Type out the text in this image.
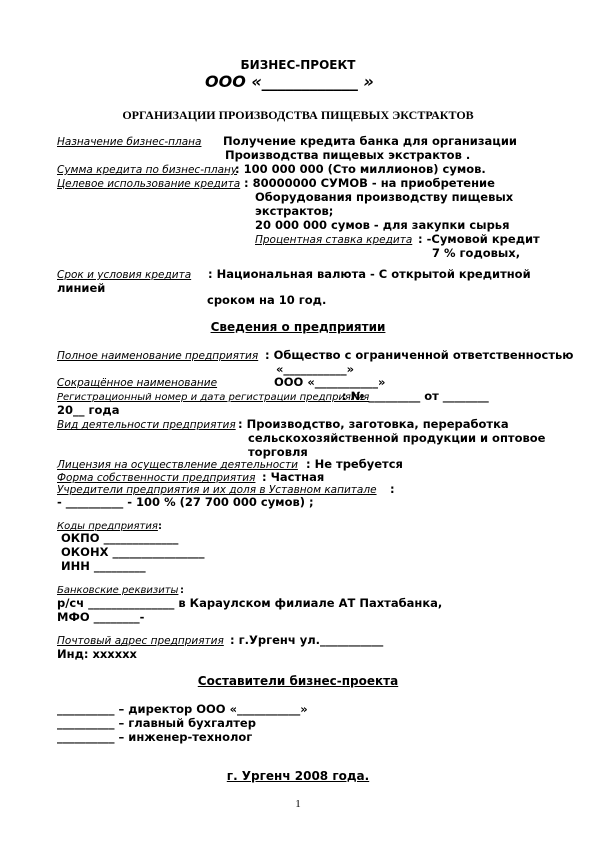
БИЗНЕС-ПРОЕКТ
ООО «____________ »
ОРГАНИЗАЦИИ ПРОИЗВОДСТВА ПИЩЕВЫХ ЭКСТРАКТОВ
Назначение бизнес-плана Получение кредита банка для организации
Производства пищевых экстрактов .
Сумма кредита по бизнес-плану
: 100 000 000 (Сто миллионов) сумов.
Целевое использование кредита : 80000000 СУМОВ - на приобретение
Оборудования производству пищевых
экстрактов;
20 000 000 сумов - для закупки сырья
Процентная ставка кредита : -Сумовой кредит
7 % годовых,
Срок и условия кредита : Национальная валюта - С открытой кредитной
линией
сроком на 10 год.
Сведения о предприятии
Полное наименование предприятия : Общество с ограниченной ответственностью
«___________»
Сокращённое наименование	ООО «___________»
Регистрационный номер и дата регистрации предприятия
: № _________ от ________
20__ года
Вид деятельности предприятия : Производство, заготовка, переработка
сельскохозяйственной продукции и оптовое
торговля
Лицензия на осуществление деятельности : Не требуется
Форма собственности предприятия : Частная
Учредители предприятия и их доля в Уставном капитале :
- __________ - 100 % (27 700 000 сумов) ;
Коды предприятия :
ОКПО _____________
ОКОНХ ________________
ИНН _________
Банковские реквизиты :
р/сч _______________ в Караулском филиале АТ Пахтабанка,
МФО ________-
Почтовый адрес предприятия : г.Ургенч ул.___________
Инд: хххххх
Составители бизнес-проекта
__________ – директор ООО «___________»
__________ – главный бухгалтер
__________ – инженер-технолог
г. Ургенч 2008 года.
1
